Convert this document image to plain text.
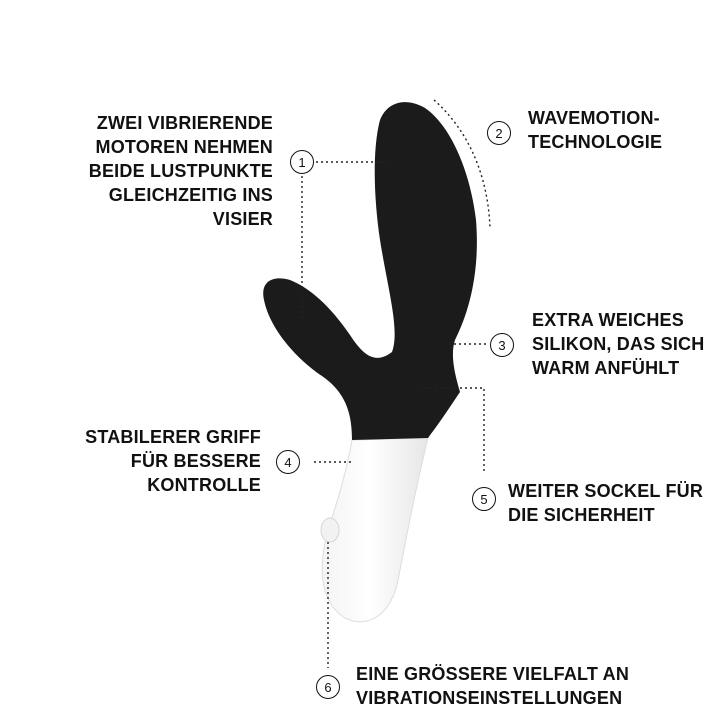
ZWEI VIBRIERENDE
MOTOREN NEHMEN
BEIDE LUSTPUNKTE
GLEICHZEITIG INS
VISIER
1
2
WAVEMOTION-
TECHNOLOGIE
3
EXTRA WEICHES
SILIKON, DAS SICH
WARM ANFÜHLT
STABILERER GRIFF
FÜR BESSERE
KONTROLLE
4
5	WEITER SOCKEL FÜR
DIE SICHERHEIT
6
EINE GRÖSSERE VIELFALT AN
VIBRATIONSEINSTELLUNGEN
